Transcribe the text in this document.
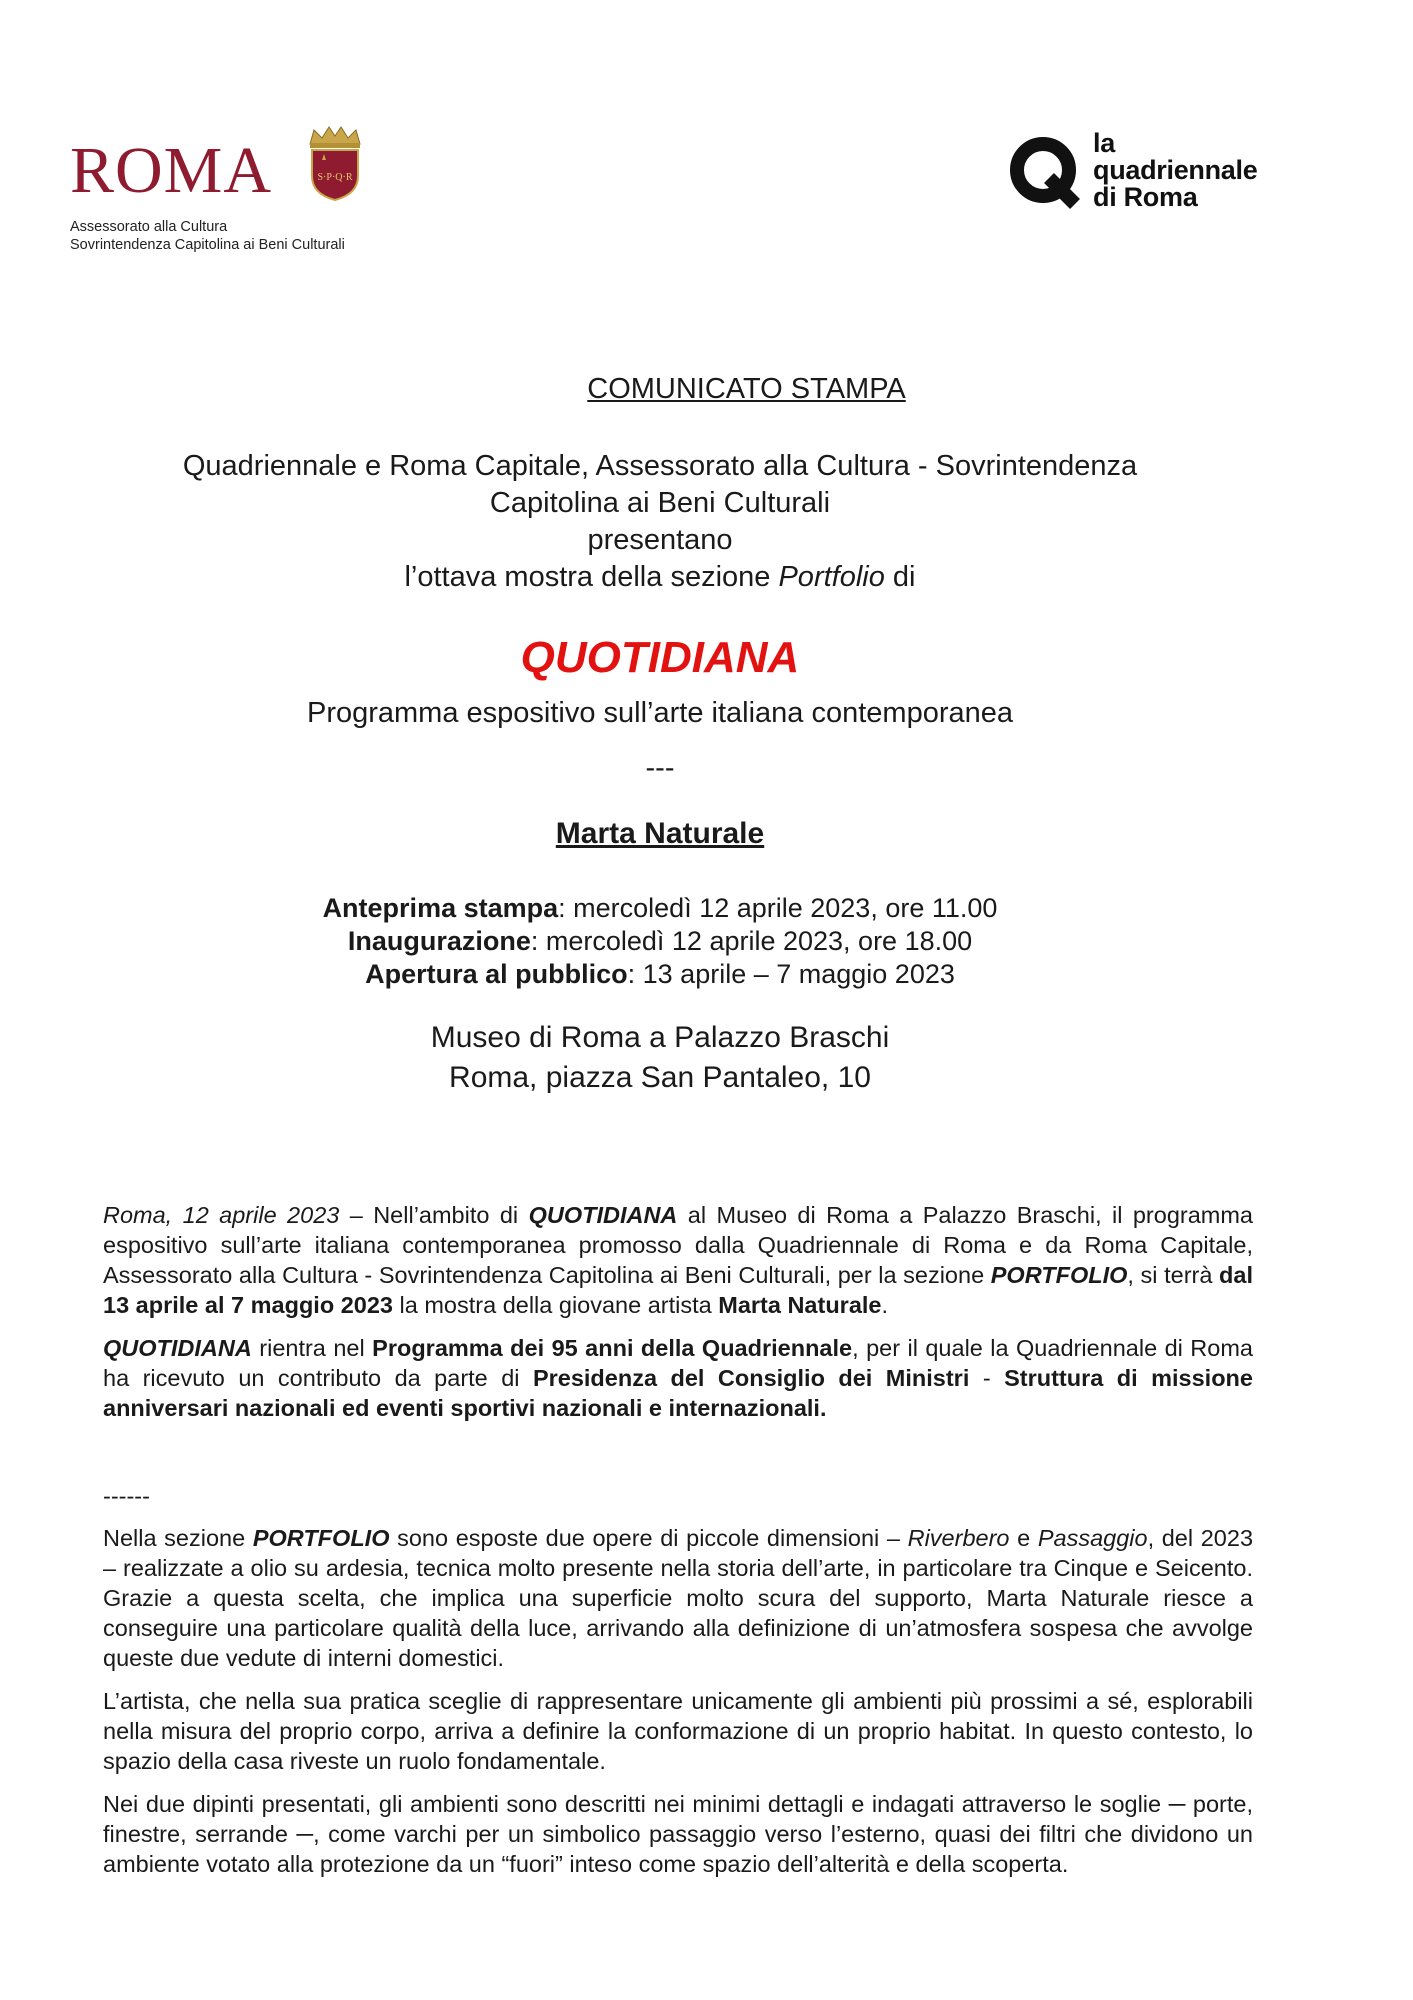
ROMA	S·P·Q·R
Assessorato alla Cultura
Sovrintendenza Capitolina ai Beni Culturali
la
quadriennale
di Roma
COMUNICATO STAMPA
Quadriennale e Roma Capitale, Assessorato alla Cultura - Sovrintendenza
Capitolina ai Beni Culturali
presentano
l’ottava mostra della sezione Portfolio di
QUOTIDIANA
Programma espositivo sull’arte italiana contemporanea
---
Marta Naturale
Anteprima stampa: mercoledì 12 aprile 2023, ore 11.00
Inaugurazione: mercoledì 12 aprile 2023, ore 18.00
Apertura al pubblico: 13 aprile – 7 maggio 2023
Museo di Roma a Palazzo Braschi
Roma, piazza San Pantaleo, 10

Roma, 12 aprile 2023 – Nell’ambito di QUOTIDIANA al Museo di Roma a Palazzo Braschi, il programma espositivo sull’arte italiana contemporanea promosso dalla Quadriennale di Roma e da Roma Capitale, Assessorato alla Cultura - Sovrintendenza Capitolina ai Beni Culturali, per la sezione PORTFOLIO, si terrà dal 13 aprile al 7 maggio 2023 la mostra della giovane artista Marta Naturale.

QUOTIDIANA rientra nel Programma dei 95 anni della Quadriennale, per il quale la Quadriennale di Roma ha ricevuto un contributo da parte di Presidenza del Consiglio dei Ministri - Struttura di missione anniversari nazionali ed eventi sportivi nazionali e internazionali.

------

Nella sezione PORTFOLIO sono esposte due opere di piccole dimensioni – Riverbero e Passaggio, del 2023 – realizzate a olio su ardesia, tecnica molto presente nella storia dell’arte, in particolare tra Cinque e Seicento. Grazie a questa scelta, che implica una superficie molto scura del supporto, Marta Naturale riesce a conseguire una particolare qualità della luce, arrivando alla definizione di un’atmosfera sospesa che avvolge queste due vedute di interni domestici.

L’artista, che nella sua pratica sceglie di rappresentare unicamente gli ambienti più prossimi a sé, esplorabili nella misura del proprio corpo, arriva a definire la conformazione di un proprio habitat. In questo contesto, lo spazio della casa riveste un ruolo fondamentale.

Nei due dipinti presentati, gli ambienti sono descritti nei minimi dettagli e indagati attraverso le soglie ─ porte, finestre, serrande ─, come varchi per un simbolico passaggio verso l’esterno, quasi dei filtri che dividono un ambiente votato alla protezione da un “fuori” inteso come spazio dell’alterità e della scoperta.
